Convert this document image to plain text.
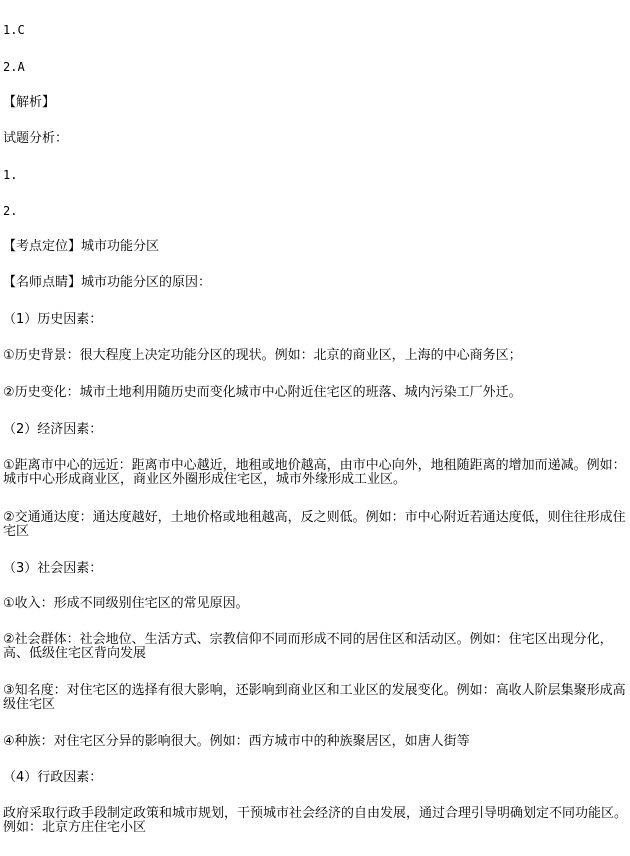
1.C
2.A
【解析】
试题分析：
1.
2.
【考点定位】城市功能分区
【名师点睛】城市功能分区的原因：
（1）历史因素：
①历史背景：很大程度上决定功能分区的现状。例如：北京的商业区，上海的中心商务区；
②历史变化：城市土地利用随历史而变化城市中心附近住宅区的班落、城内污染工厂外迁。
（2）经济因素：
①距离市中心的远近：距离市中心越近，地租或地价越高，由市中心向外，地租随距离的增加而递减。例如：城市中心形成商业区，商业区外圈形成住宅区，城市外缘形成工业区。
②交通通达度：通达度越好，土地价格或地租越高，反之则低。例如：市中心附近若通达度低，则住往形成住宅区
（3）社会因素：
①收入：形成不同级别住宅区的常见原因。
②社会群体：社会地位、生活方式、宗教信仰不同而形成不同的居住区和活动区。例如：住宅区出现分化，高、低级住宅区背向发展
③知名度：对住宅区的选择有很大影响，还影响到商业区和工业区的发展变化。例如：高收人阶层集聚形成高级住宅区
④种族：对住宅区分异的影响很大。例如：西方城市中的种族聚居区，如唐人街等
（4）行政因素：
政府采取行政手段制定政策和城市规划，干预城市社会经济的自由发展，通过合理引导明确划定不同功能区。例如：北京方庄住宅小区
